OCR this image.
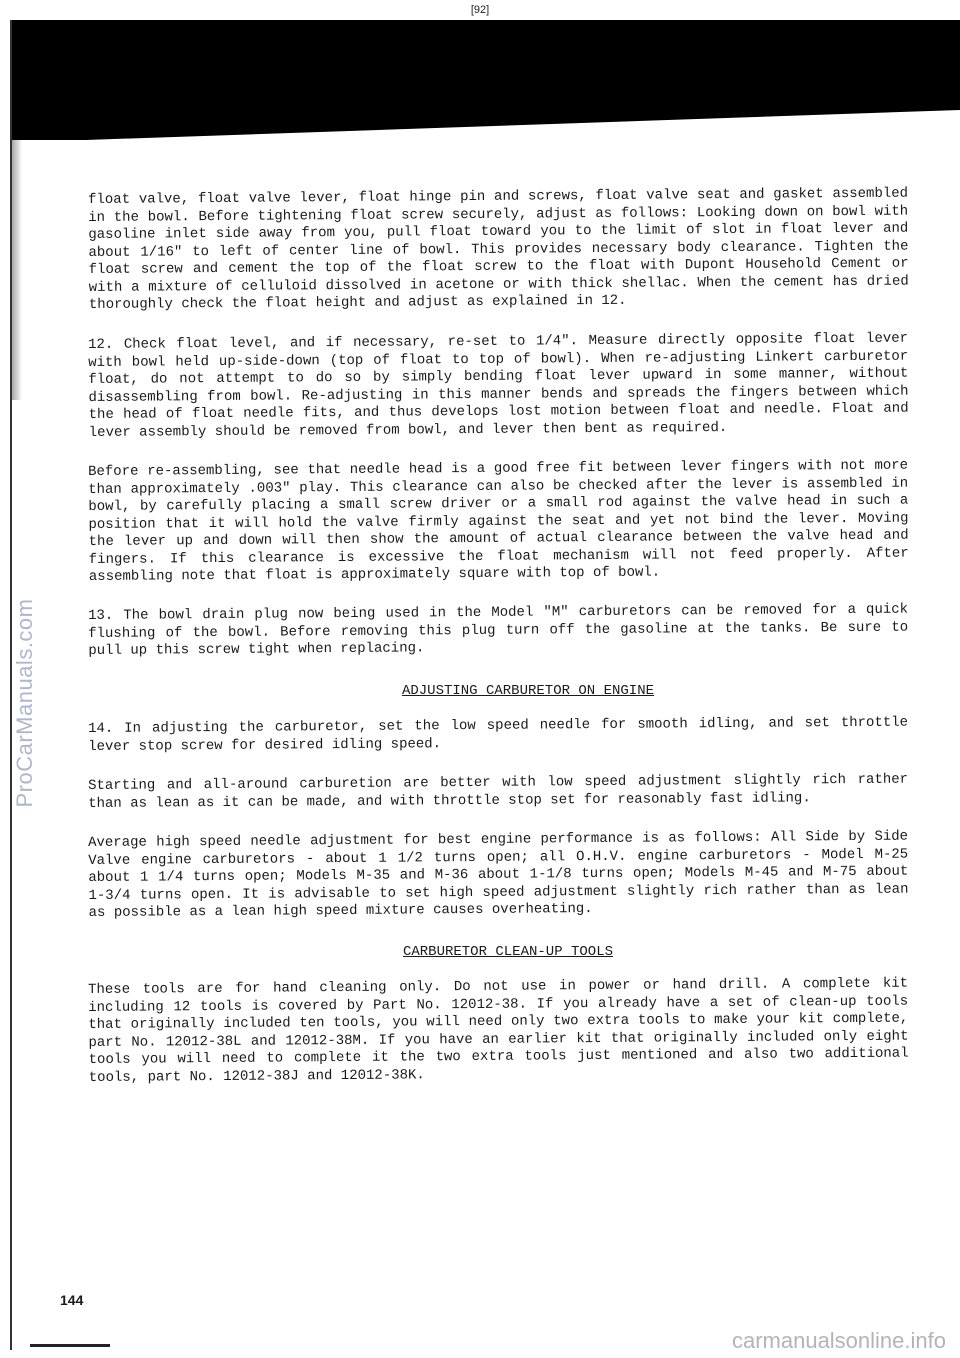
[92]
ProCarManuals.com

float valve, float valve lever, float hinge pin and screws, float valve seat and gasket assembled in the bowl. Before tightening float screw securely, adjust as follows: Looking down on bowl with gasoline inlet side away from you, pull float toward you to the limit of slot in float lever and about 1/16" to left of center line of bowl. This provides necessary body clearance. Tighten the float screw and cement the top of the float screw to the float with Dupont Household Cement or with a mixture of celluloid dissolved in acetone or with thick shellac. When the cement has dried thoroughly check the float height and adjust as explained in 12.

12. Check float level, and if necessary, re-set to 1/4". Measure directly opposite float lever with bowl held up-side-down (top of float to top of bowl). When re-adjusting Linkert carburetor float, do not attempt to do so by simply bending float lever upward in some manner, without disassembling from bowl. Re-adjusting in this manner bends and spreads the fingers between which the head of float needle fits, and thus develops lost motion between float and needle. Float and lever assembly should be removed from bowl, and lever then bent as required.

Before re-assembling, see that needle head is a good free fit between lever fingers with not more than approximately .003" play. This clearance can also be checked after the lever is assembled in bowl, by carefully placing a small screw driver or a small rod against the valve head in such a position that it will hold the valve firmly against the seat and yet not bind the lever. Moving the lever up and down will then show the amount of actual clearance between the valve head and fingers. If this clearance is excessive the float mechanism will not feed properly. After assembling note that float is approximately square with top of bowl.

13. The bowl drain plug now being used in the Model "M" carburetors can be removed for a quick flushing of the bowl. Before removing this plug turn off the gasoline at the tanks. Be sure to pull up this screw tight when replacing.

ADJUSTING CARBURETOR ON ENGINE

14. In adjusting the carburetor, set the low speed needle for smooth idling, and set throttle lever stop screw for desired idling speed.

Starting and all-around carburetion are better with low speed adjustment slightly rich rather than as lean as it can be made, and with throttle stop set for reasonably fast idling.

Average high speed needle adjustment for best engine performance is as follows: All Side by Side Valve engine carburetors - about 1 1/2 turns open; all O.H.V. engine carburetors - Model M-25 about 1 1/4 turns open; Models M-35 and M-36 about 1-1/8 turns open; Models M-45 and M-75 about 1-3/4 turns open. It is advisable to set high speed adjustment slightly rich rather than as lean as possible as a lean high speed mixture causes overheating.

CARBURETOR CLEAN-UP TOOLS

These tools are for hand cleaning only. Do not use in power or hand drill. A complete kit including 12 tools is covered by Part No. 12012-38. If you already have a set of clean-up tools that originally included ten tools, you will need only two extra tools to make your kit complete, part No. 12012-38L and 12012-38M. If you have an earlier kit that originally included only eight tools you will need to complete it the two extra tools just mentioned and also two additional tools, part No. 12012-38J and 12012-38K.

144
carmanualsonline.info
